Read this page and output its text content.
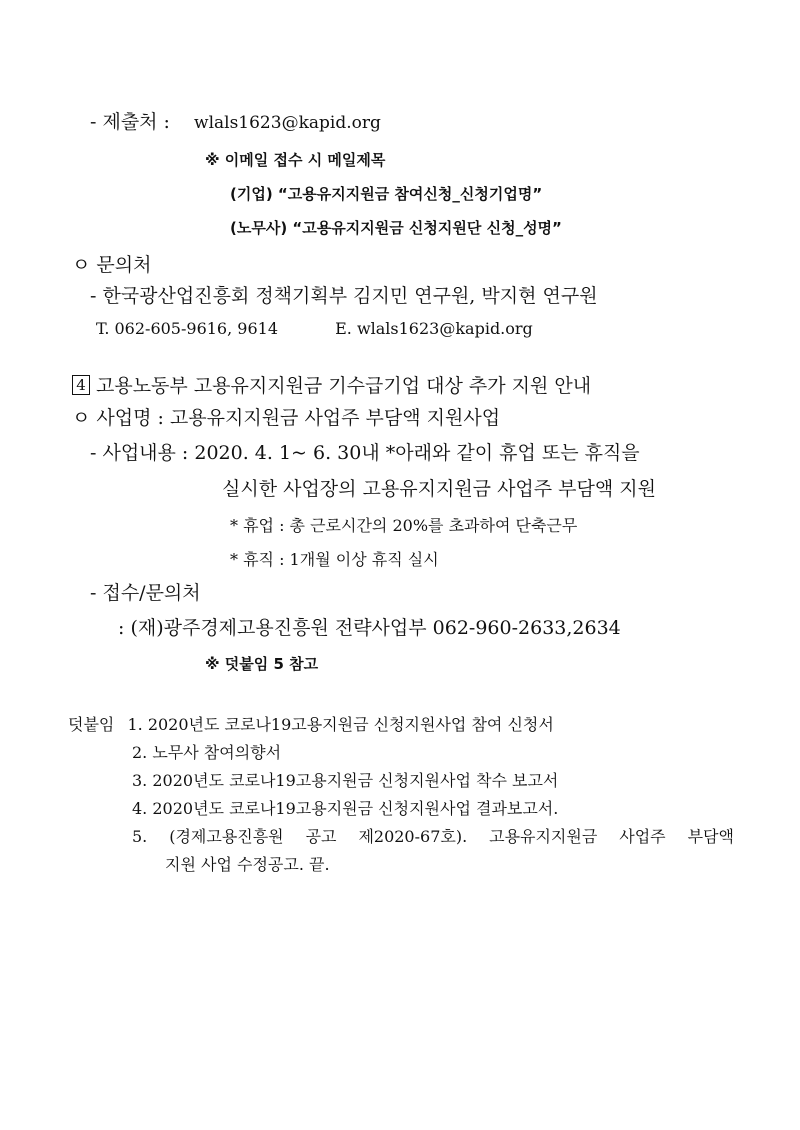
- 제출처 : wlals1623@kapid.org
※ 이메일 접수 시 메일제목
(기업) “고용유지지원금 참여신청_신청기업명”
(노무사) “고용유지지원금 신청지원단 신청_성명”
ㅇ 문의처
- 한국광산업진흥회 정책기획부 김지민 연구원, 박지현 연구원
T. 062-605-9616, 9614	E. wlals1623@kapid.org
4 고용노동부 고용유지지원금 기수급기업 대상 추가 지원 안내
ㅇ 사업명 : 고용유지지원금 사업주 부담액 지원사업
- 사업내용 : 2020. 4. 1~ 6. 30내 *아래와 같이 휴업 또는 휴직을
실시한 사업장의 고용유지지원금 사업주 부담액 지원
* 휴업 : 총 근로시간의 20%를 초과하여 단축근무
* 휴직 : 1개월 이상 휴직 실시
- 접수/문의처
: (재)광주경제고용진흥원 전략사업부 062-960-2633,2634
※ 덧붙임 5 참고
덧붙임 1. 2020년도 코로나19고용지원금 신청지원사업 참여 신청서
2. 노무사 참여의향서
3. 2020년도 코로나19고용지원금 신청지원사업 착수 보고서
4. 2020년도 코로나19고용지원금 신청지원사업 결과보고서.
5. (경제고용진흥원 공고 제2020-67호). 고용유지지원금 사업주 부담액
지원 사업 수정공고. 끝.
